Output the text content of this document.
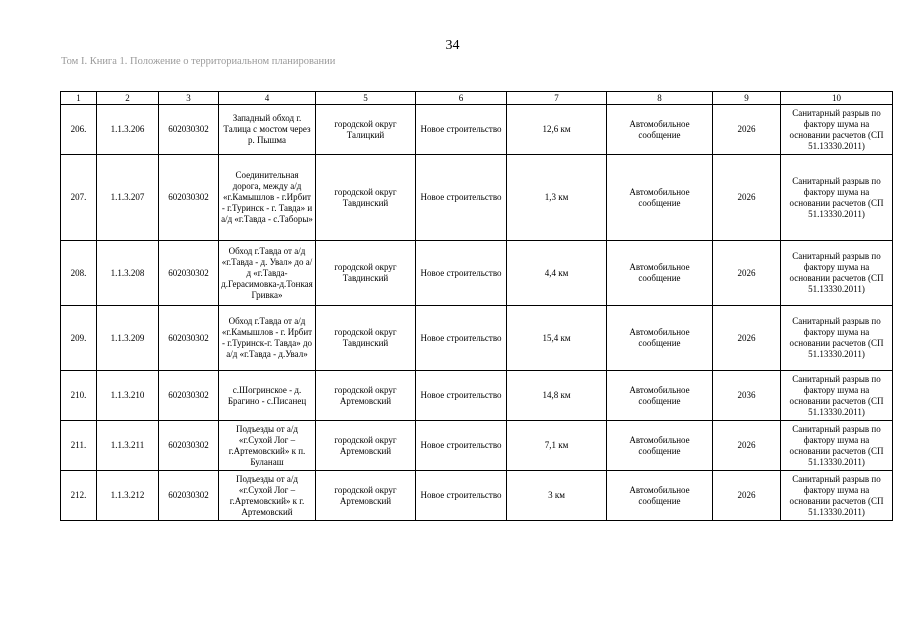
34
Том I. Книга 1. Положение о территориальном планировании
1	2	3	4	5	6	7	8	9	10
206.	1.1.3.206	602030302	Западный обход г. Талица с мостом через р. Пышма	городской округ Талицкий	Новое строительство	12,6 км	Автомобильное сообщение	2026	Санитарный разрыв по фактору шума на основании расчетов (СП 51.13330.2011)
207.	1.1.3.207	602030302	Соединительная дорога, между а/д «г.Камышлов - г.Ирбит - г.Туринск - г. Тавда» и а/д «г.Тавда - с.Таборы»	городской округ Тавдинский	Новое строительство	1,3 км	Автомобильное сообщение	2026	Санитарный разрыв по фактору шума на основании расчетов (СП 51.13330.2011)
208.	1.1.3.208	602030302	Обход г.Тавда от а/д «г.Тавда - д. Увал» до а/д «г.Тавда-д.Герасимовка-д.Тонкая Гривка»	городской округ Тавдинский	Новое строительство	4,4 км	Автомобильное сообщение	2026	Санитарный разрыв по фактору шума на основании расчетов (СП 51.13330.2011)
209.	1.1.3.209	602030302	Обход г.Тавда от а/д «г.Камышлов - г. Ирбит - г.Туринск-г. Тавда» до а/д «г.Тавда - д.Увал»	городской округ Тавдинский	Новое строительство	15,4 км	Автомобильное сообщение	2026	Санитарный разрыв по фактору шума на основании расчетов (СП 51.13330.2011)
210.	1.1.3.210	602030302	с.Шогринское - д. Брагино - с.Писанец	городской округ Артемовский	Новое строительство	14,8 км	Автомобильное сообщение	2036	Санитарный разрыв по фактору шума на основании расчетов (СП 51.13330.2011)
211.	1.1.3.211	602030302	Подъезды от а/д «г.Сухой Лог – г.Артемовский» к п. Буланаш	городской округ Артемовский	Новое строительство	7,1 км	Автомобильное сообщение	2026	Санитарный разрыв по фактору шума на основании расчетов (СП 51.13330.2011)
212.	1.1.3.212	602030302	Подъезды от а/д «г.Сухой Лог – г.Артемовский» к г. Артемовский	городской округ Артемовский	Новое строительство	3 км	Автомобильное сообщение	2026	Санитарный разрыв по фактору шума на основании расчетов (СП 51.13330.2011)
